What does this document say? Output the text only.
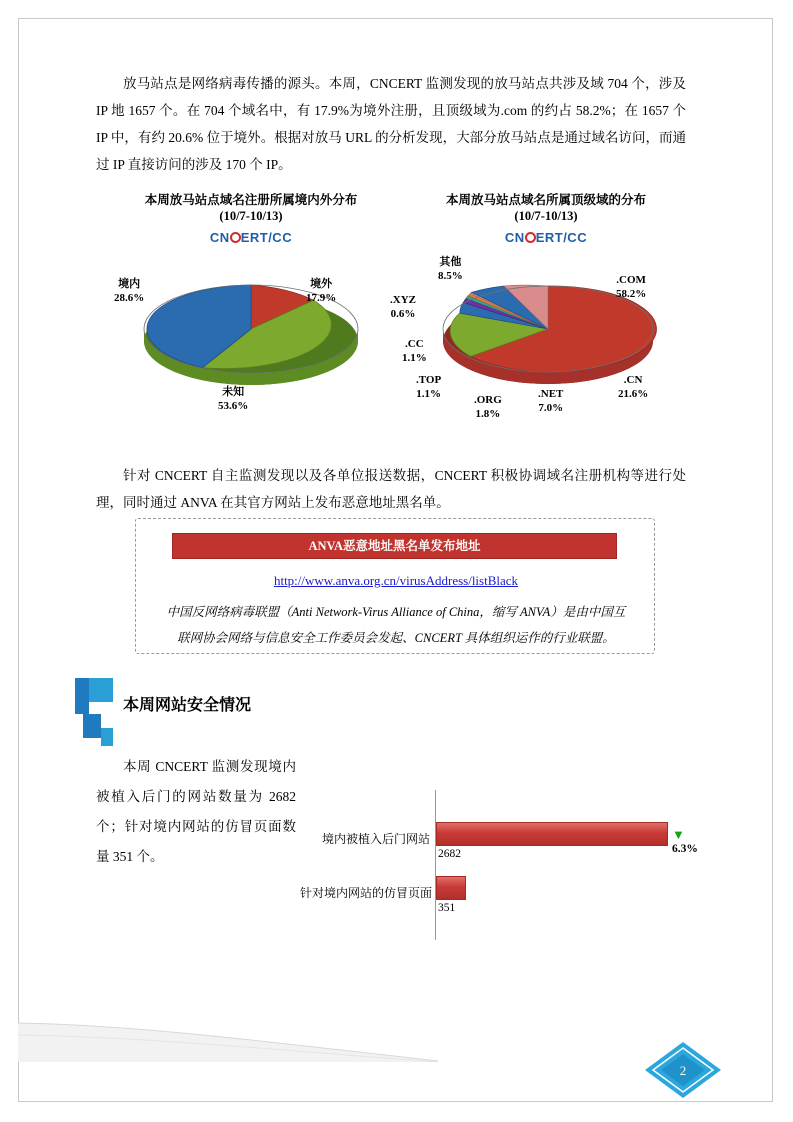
放马站点是网络病毒传播的源头。本周，CNCERT 监测发现的放马站点共涉及域 704 个，涉及 IP 地 1657 个。在 704 个域名中，有 17.9%为境外注册，且顶级域为.com 的约占 58.2%；在 1657 个 IP 中，有约 20.6% 位于境外。根据对放马 URL 的分析发现，大部分放马站点是通过域名访问，而通过 IP 直接访问的涉及 170 个 IP。

本周放马站点域名注册所属境内外分布
(10/7-10/13)
CN ERT/CC
境外
17.9%
境内
28.6%
未知
53.6%
本周放马站点域名所属顶级域的分布
(10/7-10/13)
CN ERT/CC
.COM
58.2%
.CN
21.6%
.NET
7.0%
.ORG
1.8%
.TOP
1.1%
.CC
1.1%
.XYZ
0.6%
其他
8.5%

针对 CNCERT 自主监测发现以及各单位报送数据，CNCERT 积极协调域名注册机构等进行处理，同时通过 ANVA 在其官方网站上发布恶意地址黑名单。

ANVA恶意地址黑名单发布地址
http://www.anva.org.cn/virusAddress/listBlack
中国反网络病毒联盟（Anti Network-Virus Alliance of China，缩写 ANVA）是由中国互联网协会网络与信息安全工作委员会发起、CNCERT 具体组织运作的行业联盟。
本周网站安全情况
本周 CNCERT 监测发现境内被植入后门的网站数量为 2682 个；针对境内网站的仿冒页面数量 351 个。
境内被植入后门网站
2682
▼6.3%
针对境内网站的仿冒页面
351
2
